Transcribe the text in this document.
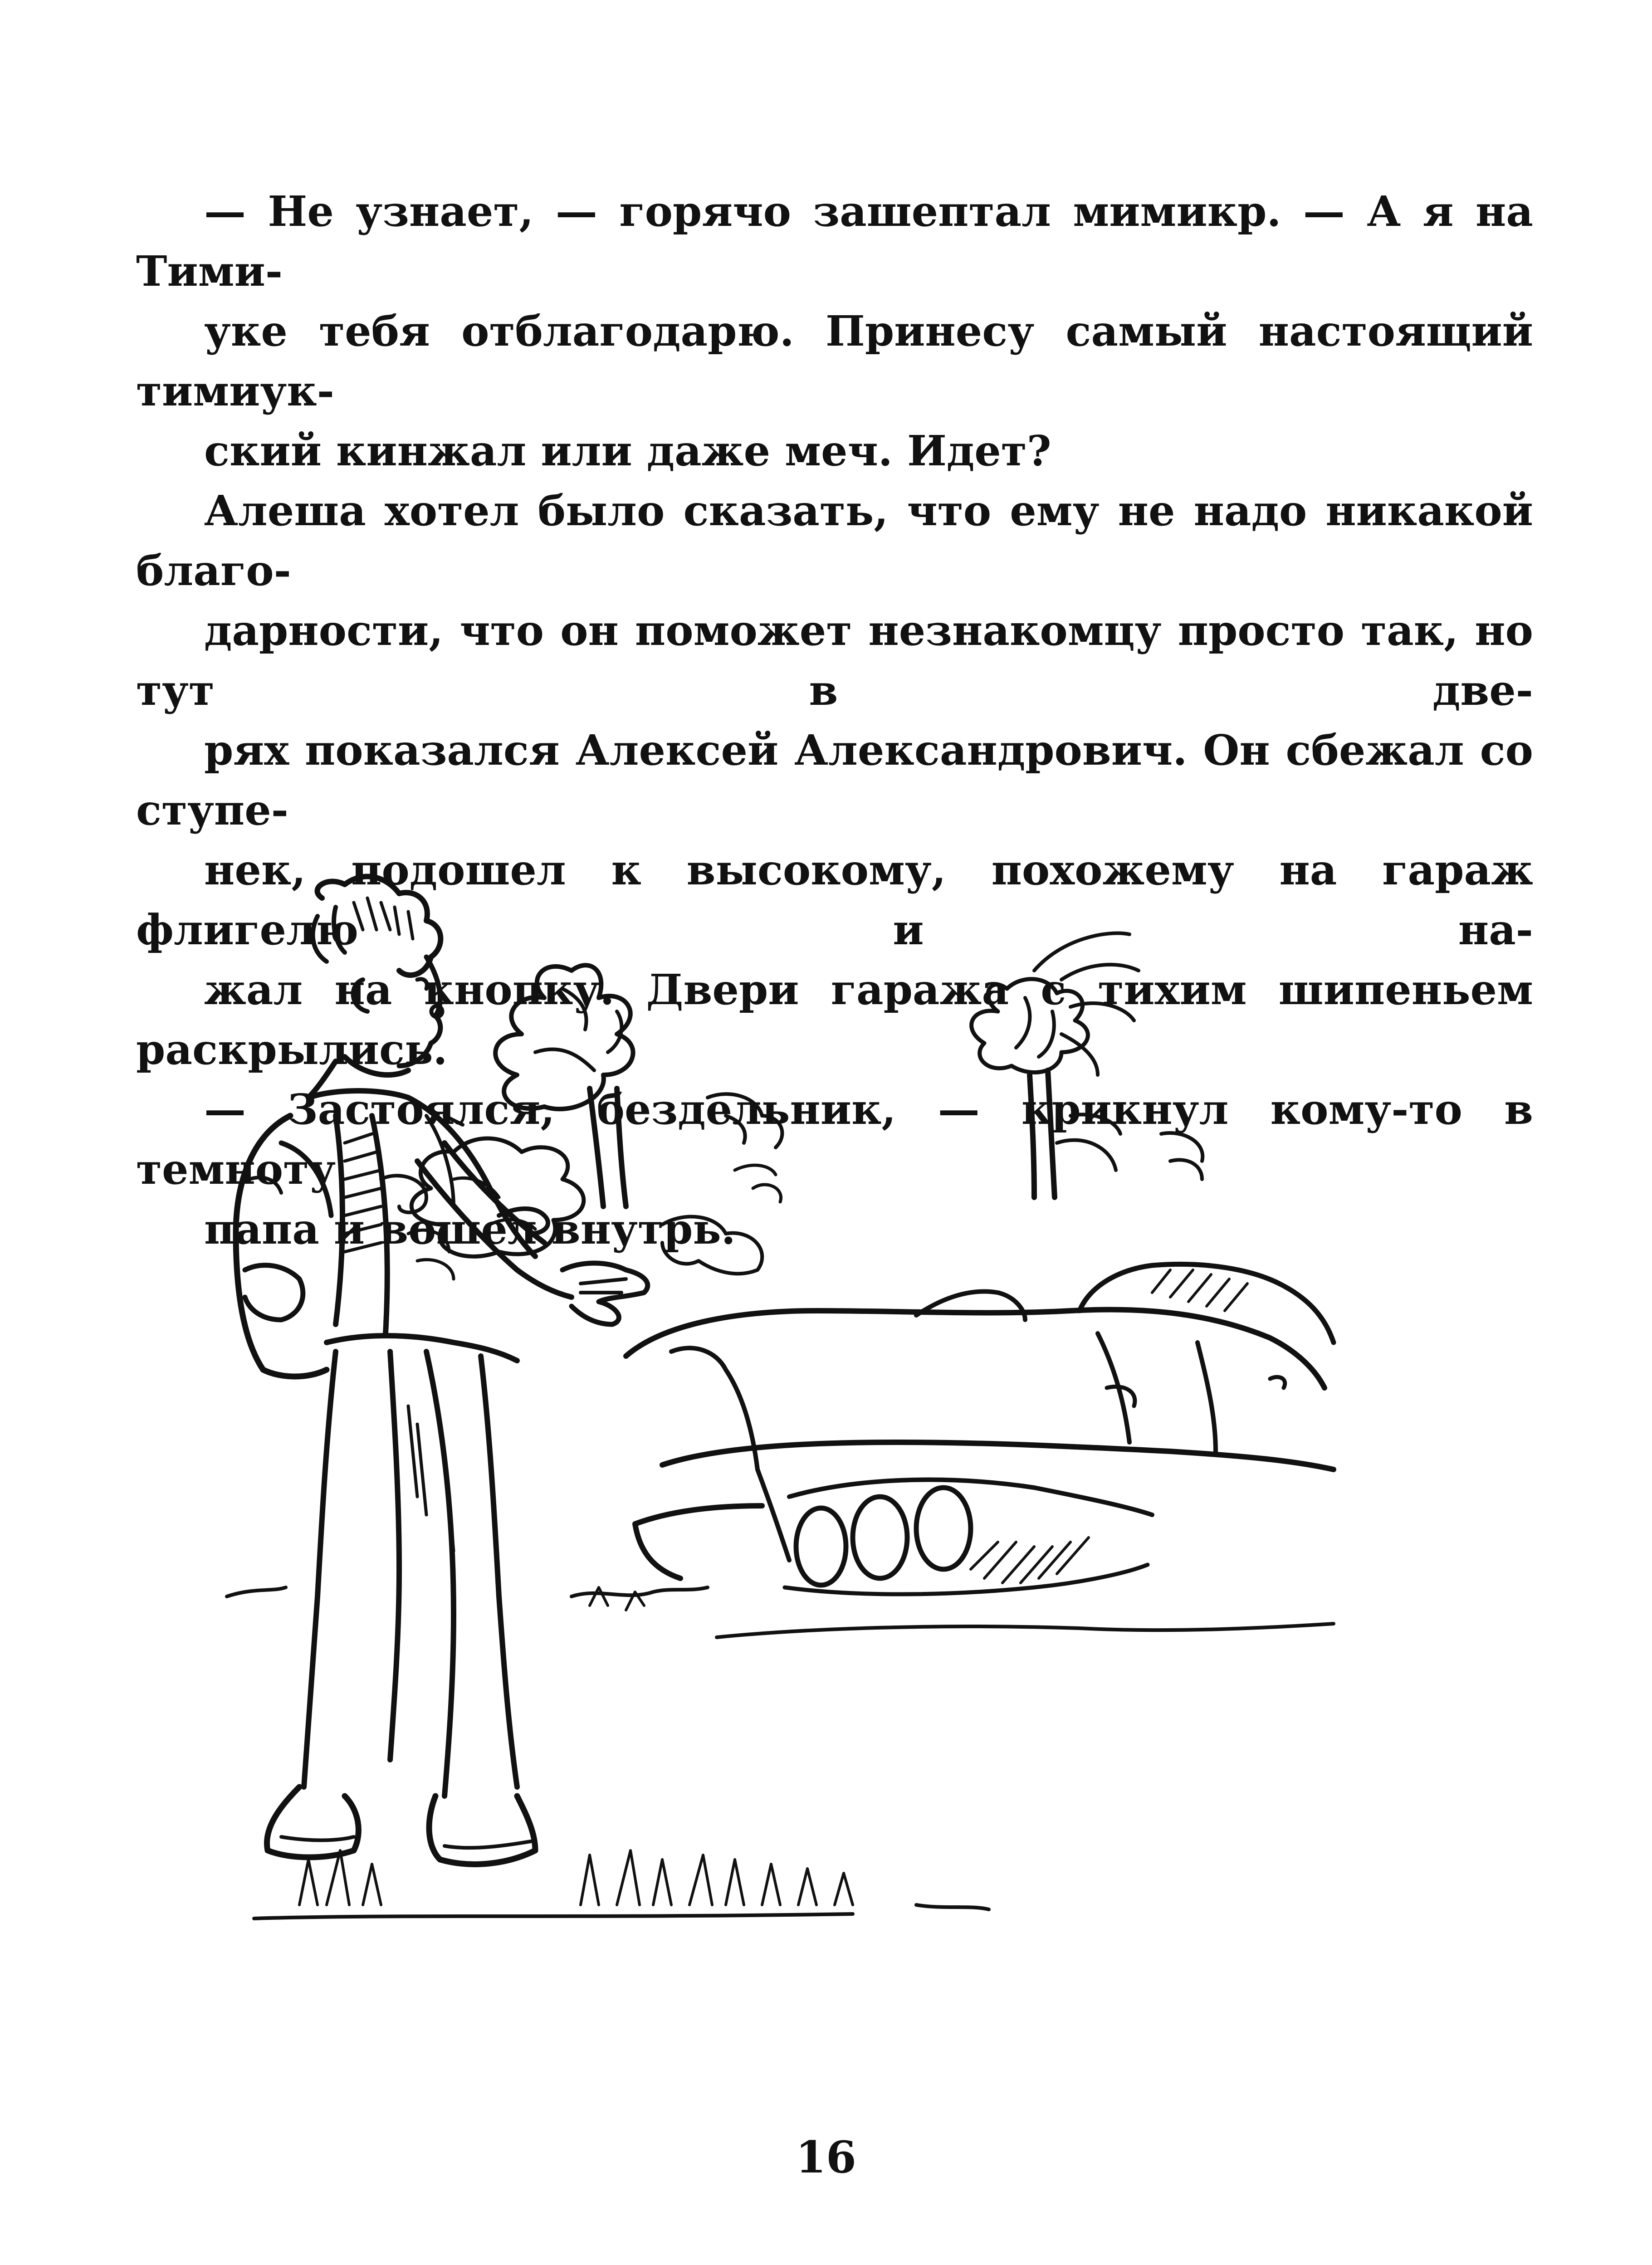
— Не узнает, — горячо зашептал мимикр. — А я на Тими-
уке тебя отблагодарю. Принесу самый настоящий тимиук-
ский кинжал или даже меч. Идет?

Алеша хотел было сказать, что ему не надо никакой благо-
дарности, что он поможет незнакомцу просто так, но тут в две-
рях показался Алексей Александрович. Он сбежал со ступе-
нек, подошел к высокому, похожему на гараж флигелю и на-
жал на кнопку. Двери гаража с тихим шипеньем раскрылись.

— Застоялся, бездельник, — крикнул кому-то в темноту
папа и вошел внутрь.

16
